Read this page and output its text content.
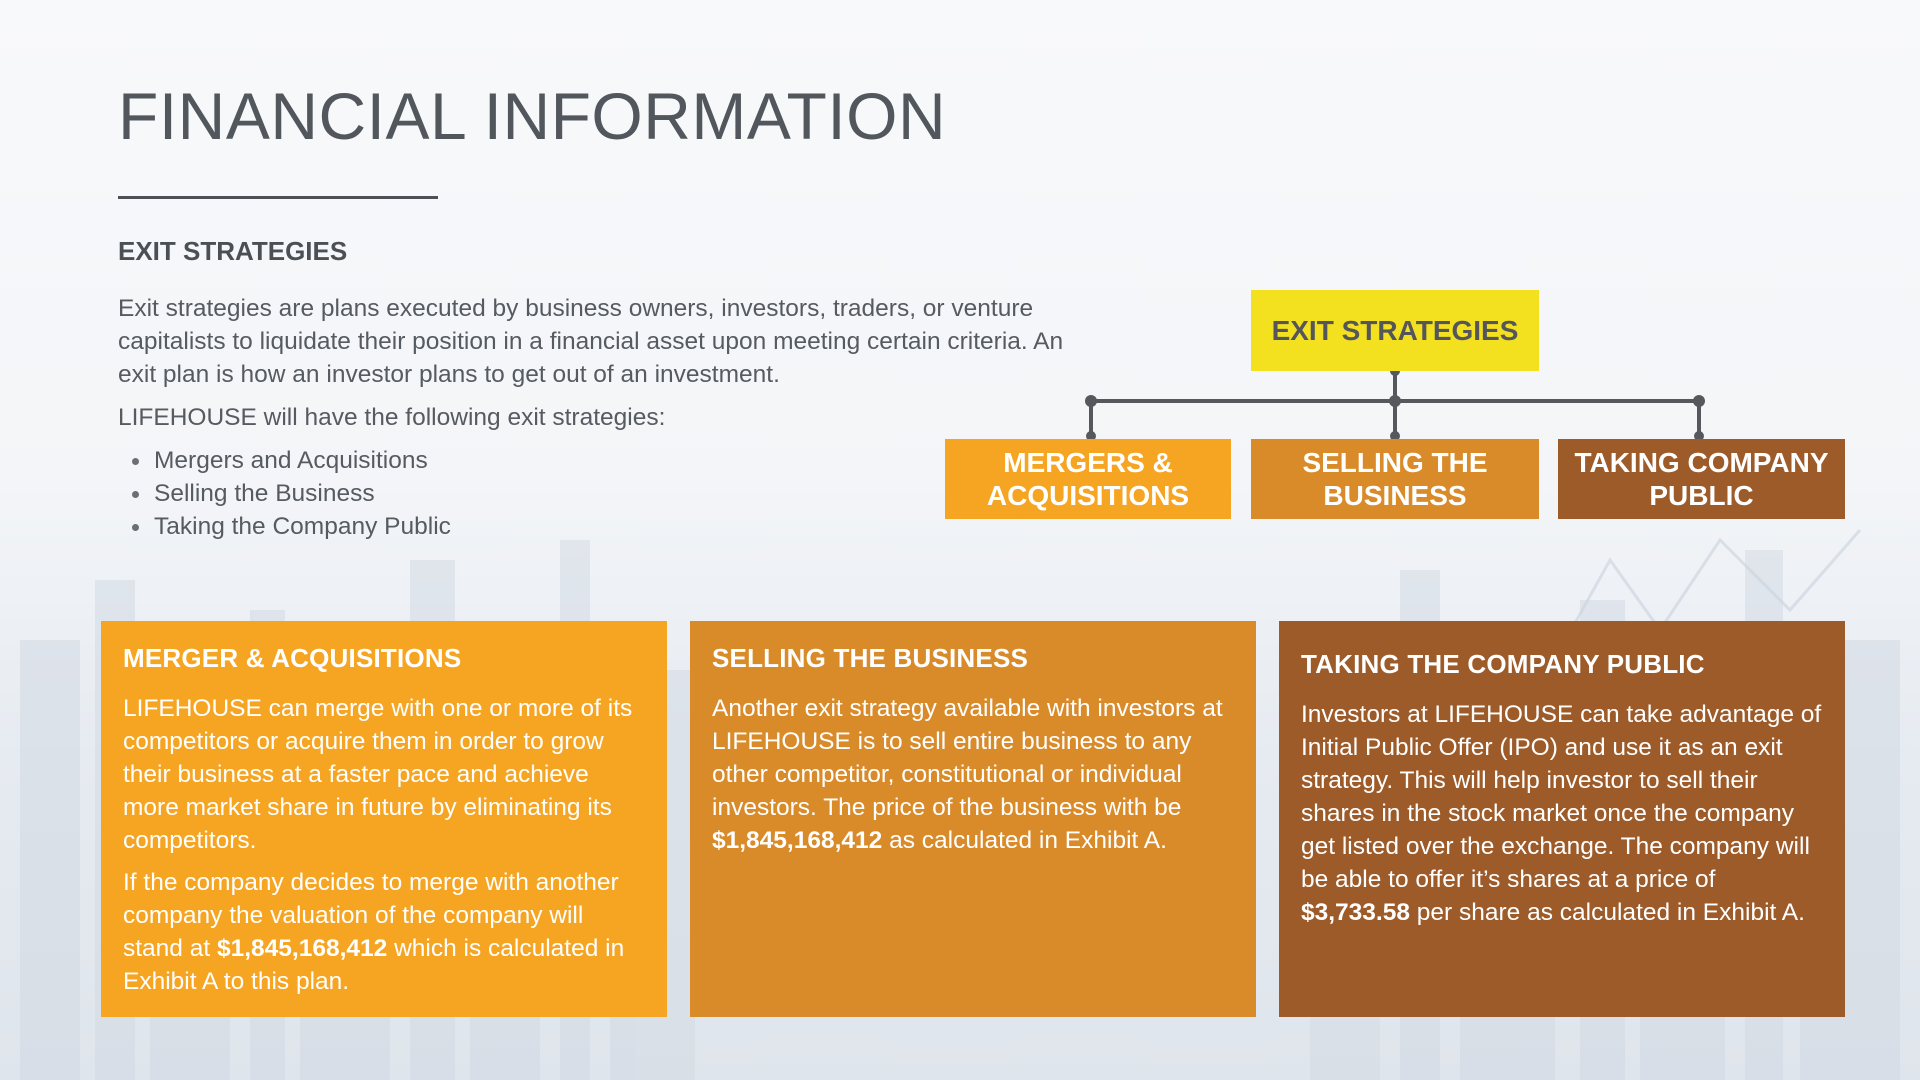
FINANCIAL INFORMATION
EXIT STRATEGIES

Exit strategies are plans executed by business owners, investors, traders, or venture capitalists to liquidate their position in a financial asset upon meeting certain criteria. An exit plan is how an investor plans to get out of an investment.

LIFEHOUSE will have the following exit strategies:

Mergers and Acquisitions
Selling the Business
Taking the Company Public
EXIT STRATEGIES
MERGERS & ACQUISITIONS
SELLING THE BUSINESS
TAKING COMPANY PUBLIC
MERGER & ACQUISITIONS

LIFEHOUSE can merge with one or more of its competitors or acquire them in order to grow their business at a faster pace and achieve more market share in future by eliminating its competitors.

If the company decides to merge with another company the valuation of the company will stand at $1,845,168,412 which is calculated in Exhibit A to this plan.

SELLING THE BUSINESS

Another exit strategy available with investors at LIFEHOUSE is to sell entire business to any other competitor, constitutional or individual investors. The price of the business with be $1,845,168,412 as calculated in Exhibit A.

TAKING THE COMPANY PUBLIC

Investors at LIFEHOUSE can take advantage of Initial Public Offer (IPO) and use it as an exit strategy. This will help investor to sell their shares in the stock market once the company get listed over the exchange. The company will be able to offer it’s shares at a price of $3,733.58 per share as calculated in Exhibit A.
